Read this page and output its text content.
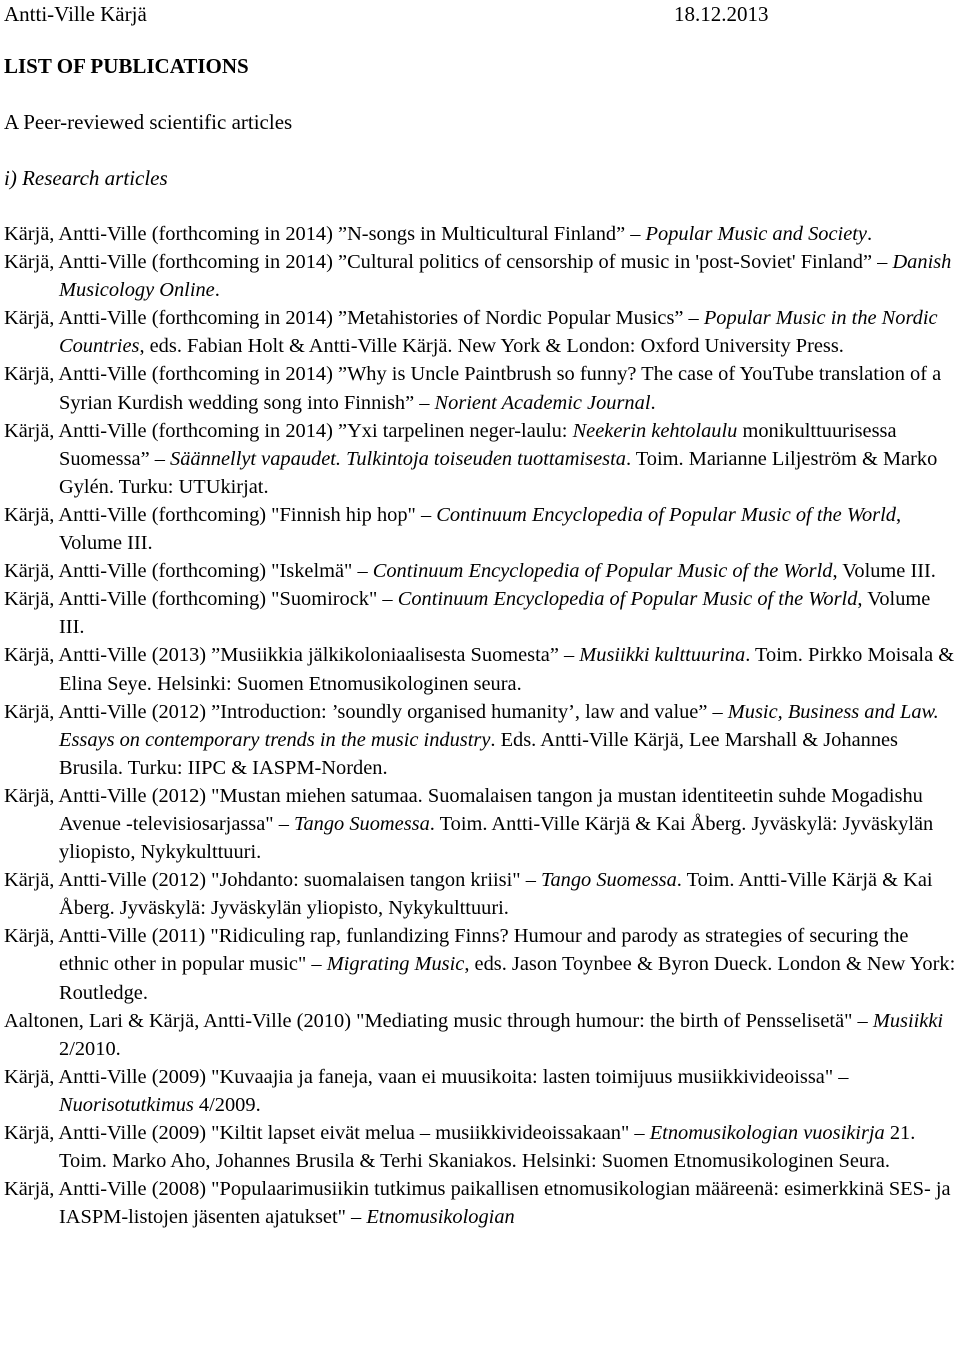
Antti-Ville Kärjä	18.12.2013
LIST OF PUBLICATIONS
A Peer-reviewed scientific articles
i) Research articles
Kärjä, Antti-Ville (forthcoming in 2014) ”N-songs in Multicultural Finland” – Popular Music and Society.
Kärjä, Antti-Ville (forthcoming in 2014) ”Cultural politics of censorship of music in 'post-Soviet' Finland” – Danish Musicology Online.
Kärjä, Antti-Ville (forthcoming in 2014) ”Metahistories of Nordic Popular Musics” – Popular Music in the Nordic Countries, eds. Fabian Holt & Antti-Ville Kärjä. New York & London: Oxford University Press.
Kärjä, Antti-Ville (forthcoming in 2014) ”Why is Uncle Paintbrush so funny? The case of YouTube translation of a Syrian Kurdish wedding song into Finnish” – Norient Academic Journal.
Kärjä, Antti-Ville (forthcoming in 2014) ”Yxi tarpelinen neger-laulu: Neekerin kehtolaulu monikulttuurisessa Suomessa” – Säännellyt vapaudet. Tulkintoja toiseuden tuottamisesta. Toim. Marianne Liljeström & Marko Gylén. Turku: UTUkirjat.
Kärjä, Antti-Ville (forthcoming) "Finnish hip hop" – Continuum Encyclopedia of Popular Music of the World, Volume III.
Kärjä, Antti-Ville (forthcoming) "Iskelmä" – Continuum Encyclopedia of Popular Music of the World, Volume III.
Kärjä, Antti-Ville (forthcoming) "Suomirock" – Continuum Encyclopedia of Popular Music of the World, Volume III.
Kärjä, Antti-Ville (2013) ”Musiikkia jälkikoloniaalisesta Suomesta” – Musiikki kulttuurina. Toim. Pirkko Moisala & Elina Seye. Helsinki: Suomen Etnomusikologinen seura.
Kärjä, Antti-Ville (2012) ”Introduction: ’soundly organised humanity’, law and value” – Music, Business and Law. Essays on contemporary trends in the music industry. Eds. Antti-Ville Kärjä, Lee Marshall & Johannes Brusila. Turku: IIPC & IASPM-Norden.
Kärjä, Antti-Ville (2012) "Mustan miehen satumaa. Suomalaisen tangon ja mustan identiteetin suhde Mogadishu Avenue -televisiosarjassa" – Tango Suomessa. Toim. Antti-Ville Kärjä & Kai Åberg. Jyväskylä: Jyväskylän yliopisto, Nykykulttuuri.
Kärjä, Antti-Ville (2012) "Johdanto: suomalaisen tangon kriisi" – Tango Suomessa. Toim. Antti-Ville Kärjä & Kai Åberg. Jyväskylä: Jyväskylän yliopisto, Nykykulttuuri.
Kärjä, Antti-Ville (2011) "Ridiculing rap, funlandizing Finns? Humour and parody as strategies of securing the ethnic other in popular music" – Migrating Music, eds. Jason Toynbee & Byron Dueck. London & New York: Routledge.
Aaltonen, Lari & Kärjä, Antti-Ville (2010) "Mediating music through humour: the birth of Pensselisetä" – Musiikki 2/2010.
Kärjä, Antti-Ville (2009) "Kuvaajia ja faneja, vaan ei muusikoita: lasten toimijuus musiikkivideoissa" – Nuorisotutkimus 4/2009.
Kärjä, Antti-Ville (2009) "Kiltit lapset eivät melua – musiikkivideoissakaan" – Etnomusikologian vuosikirja 21. Toim. Marko Aho, Johannes Brusila & Terhi Skaniakos. Helsinki: Suomen Etnomusikologinen Seura.
Kärjä, Antti-Ville (2008) "Populaarimusiikin tutkimus paikallisen etnomusikologian määreenä: esimerkkinä SES- ja IASPM-listojen jäsenten ajatukset" – Etnomusikologian
